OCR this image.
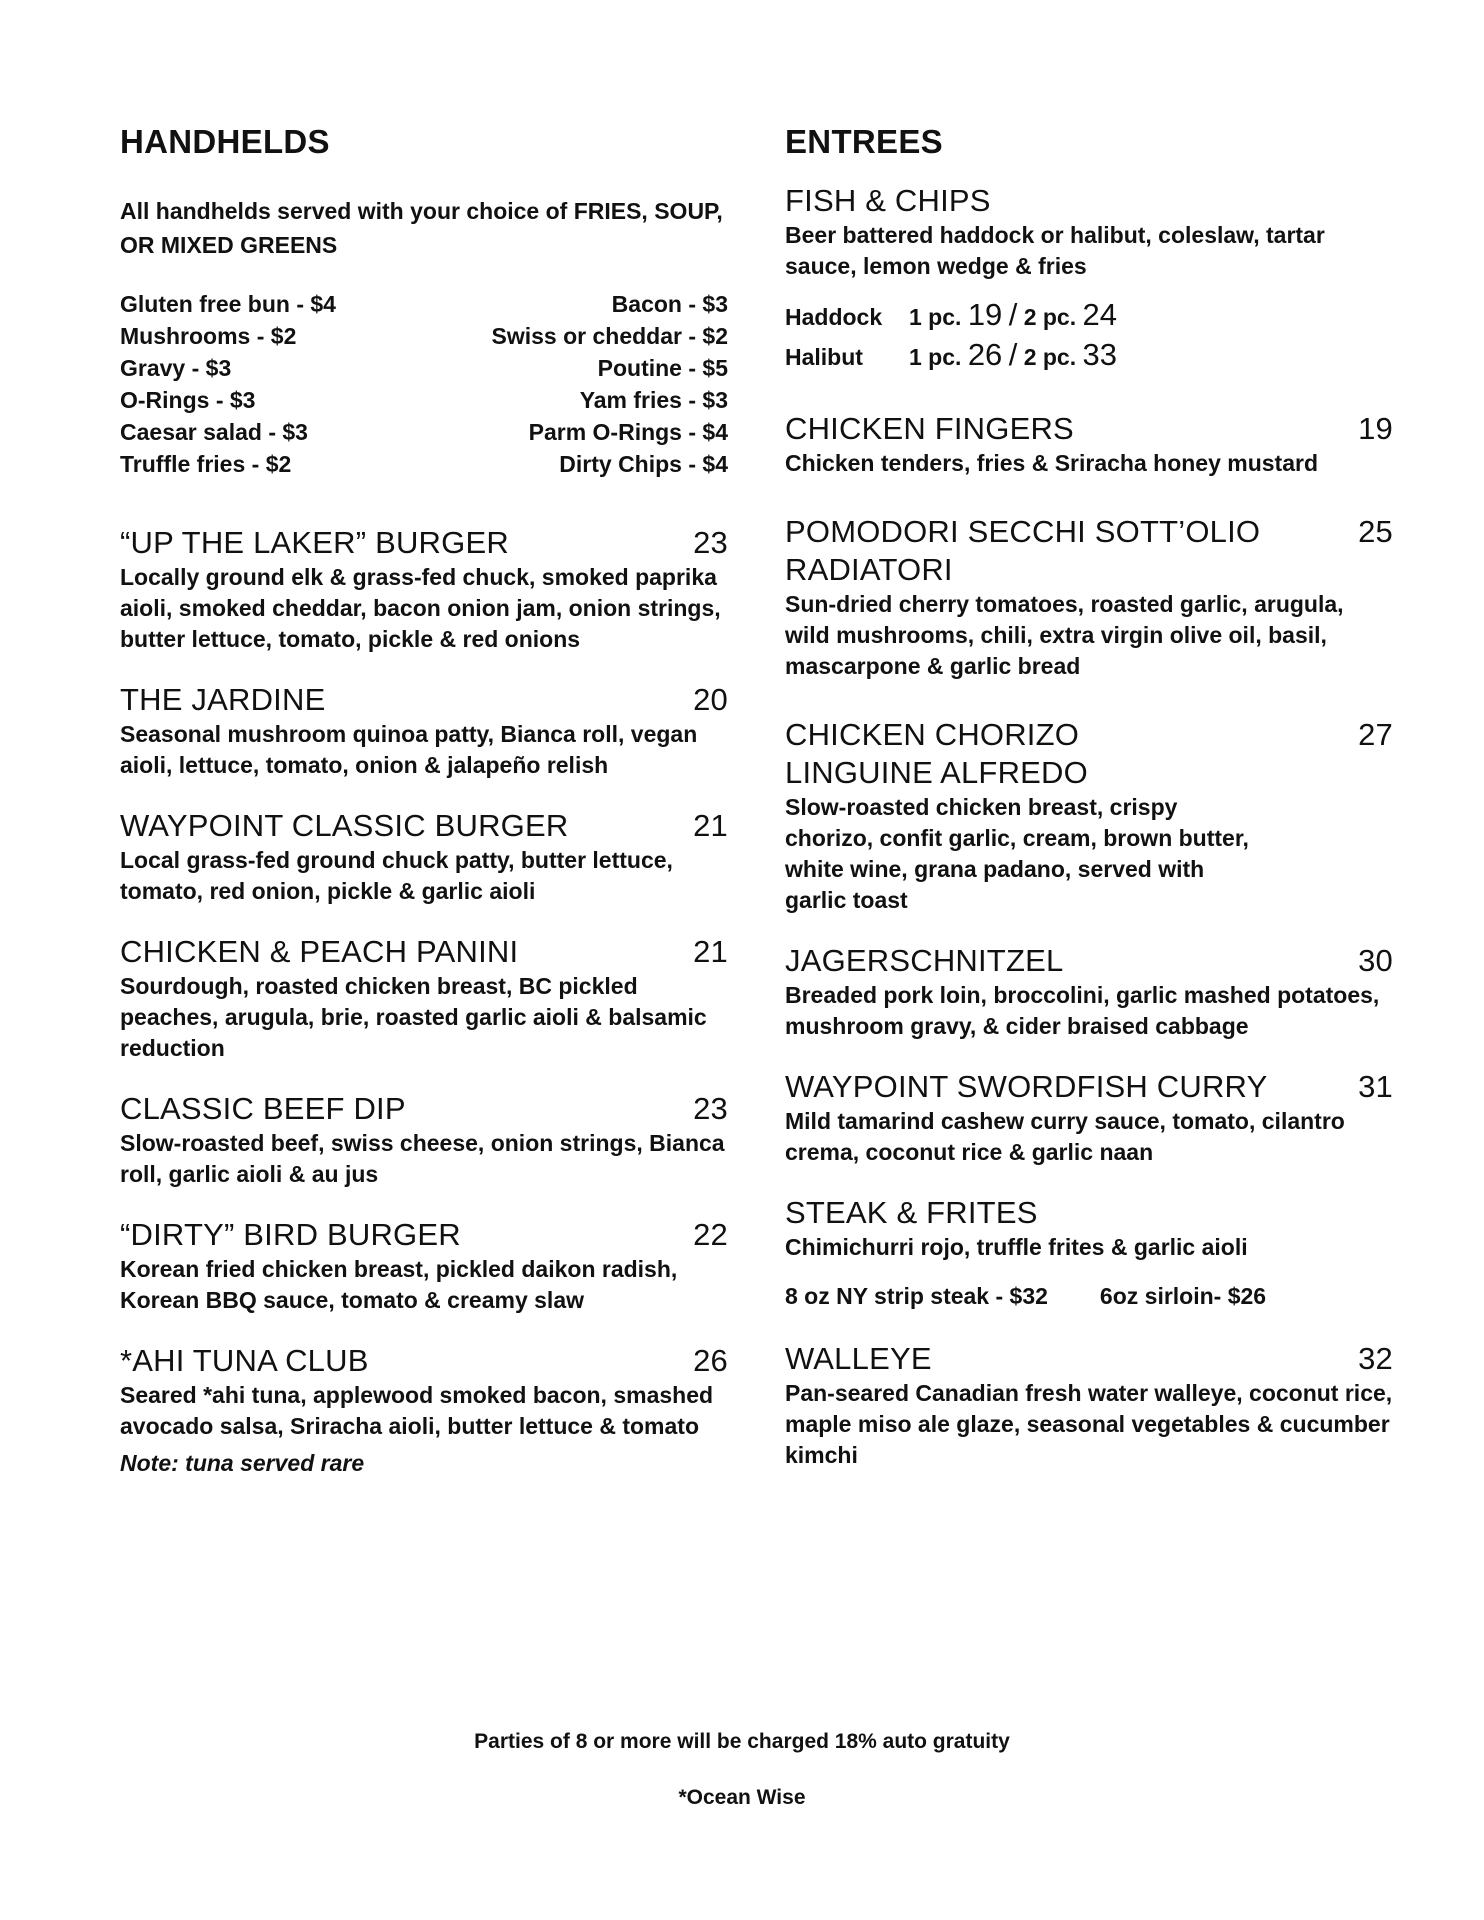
HANDHELDS
All handhelds served with your choice of FRIES, SOUP, OR MIXED GREENS
Gluten free bun - $4	Bacon - $3
Mushrooms - $2	Swiss or cheddar - $2
Gravy - $3	Poutine - $5
O-Rings - $3	Yam fries - $3
Caesar salad - $3	Parm O-Rings - $4
Truffle fries - $2	Dirty Chips - $4
“UP THE LAKER” BURGER	23
Locally ground elk & grass-fed chuck, smoked paprika aioli, smoked cheddar, bacon onion jam, onion strings, butter lettuce, tomato, pickle & red onions
THE JARDINE	20
Seasonal mushroom quinoa patty, Bianca roll, vegan aioli, lettuce, tomato, onion & jalapeño relish
WAYPOINT CLASSIC BURGER	21
Local grass-fed ground chuck patty, butter lettuce, tomato, red onion, pickle & garlic aioli
CHICKEN & PEACH PANINI	21
Sourdough, roasted chicken breast, BC pickled peaches, arugula, brie, roasted garlic aioli & balsamic reduction
CLASSIC BEEF DIP	23
Slow-roasted beef, swiss cheese, onion strings, Bianca roll, garlic aioli & au jus
“DIRTY” BIRD BURGER	22
Korean fried chicken breast, pickled daikon radish, Korean BBQ sauce, tomato & creamy slaw
*AHI TUNA CLUB	26
Seared *ahi tuna, applewood smoked bacon, smashed avocado salsa, Sriracha aioli, butter lettuce & tomato
Note: tuna served rare
ENTREES
FISH & CHIPS
Beer battered haddock or halibut, coleslaw, tartar sauce, lemon wedge & fries
Haddock 1 pc. 19 / 2 pc. 24
Halibut 1 pc. 26 / 2 pc. 33
CHICKEN FINGERS	19
Chicken tenders, fries & Sriracha honey mustard
POMODORI SECCHI SOTT’OLIO RADIATORI
25
Sun-dried cherry tomatoes, roasted garlic, arugula, wild mushrooms, chili, extra virgin olive oil, basil, mascarpone & garlic bread
CHICKEN CHORIZO LINGUINE ALFREDO
27
Slow-roasted chicken breast, crispy chorizo, confit garlic, cream, brown butter, white wine, grana padano, served with garlic toast
JAGERSCHNITZEL	30
Breaded pork loin, broccolini, garlic mashed potatoes, mushroom gravy, & cider braised cabbage
WAYPOINT SWORDFISH CURRY	31
Mild tamarind cashew curry sauce, tomato, cilantro crema, coconut rice & garlic naan
STEAK & FRITES
Chimichurri rojo, truffle frites & garlic aioli
8 oz NY strip steak - $32 6oz sirloin- $26
WALLEYE	32
Pan-seared Canadian fresh water walleye, coconut rice, maple miso ale glaze, seasonal vegetables & cucumber kimchi
Parties of 8 or more will be charged 18% auto gratuity
*Ocean Wise
